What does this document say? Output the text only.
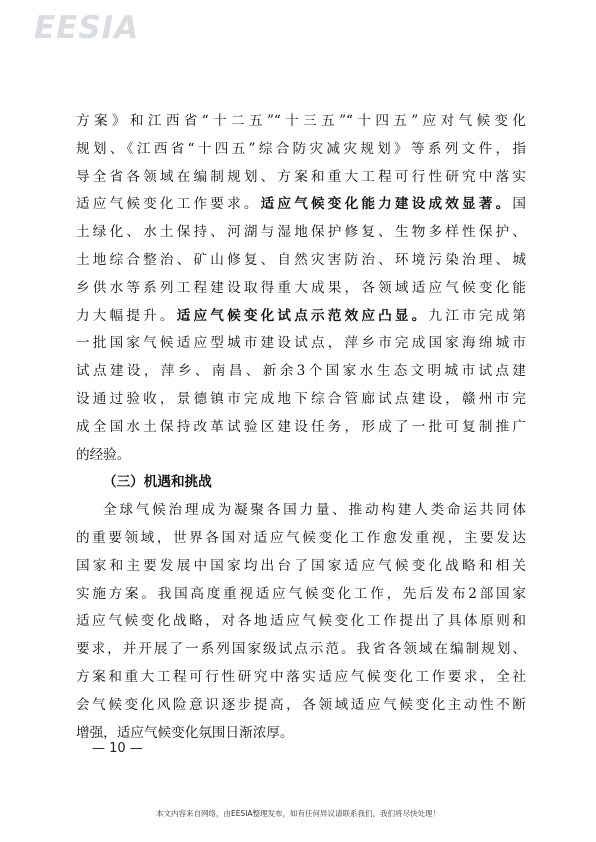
EESIA
方案》和江西省“十二五”“十三五”“十四五”应对气候变化
规划、《江西省“十四五”综合防灾减灾规划》等系列文件，指
导全省各领域在编制规划、方案和重大工程可行性研究中落实
适应气候变化工作要求。适应气候变化能力建设成效显著。国
土绿化、水土保持、河湖与湿地保护修复、生物多样性保护、
土地综合整治、矿山修复、自然灾害防治、环境污染治理、城
乡供水等系列工程建设取得重大成果，各领域适应气候变化能
力大幅提升。适应气候变化试点示范效应凸显。九江市完成第
一批国家气候适应型城市建设试点，萍乡市完成国家海绵城市
试点建设，萍乡、南昌、新余3个国家水生态文明城市试点建
设通过验收，景德镇市完成地下综合管廊试点建设，赣州市完
成全国水土保持改革试验区建设任务，形成了一批可复制推广
的经验。
（三）机遇和挑战
全球气候治理成为凝聚各国力量、推动构建人类命运共同体
的重要领域，世界各国对适应气候变化工作愈发重视，主要发达
国家和主要发展中国家均出台了国家适应气候变化战略和相关
实施方案。我国高度重视适应气候变化工作，先后发布2部国家
适应气候变化战略，对各地适应气候变化工作提出了具体原则和
要求，并开展了一系列国家级试点示范。我省各领域在编制规划、
方案和重大工程可行性研究中落实适应气候变化工作要求，全社
会气候变化风险意识逐步提高，各领域适应气候变化主动性不断
增强，适应气候变化氛围日渐浓厚。
— 10 —
本文内容来自网络，由EESIA整理发布，如有任何异议请联系我们，我们将尽快处理！
